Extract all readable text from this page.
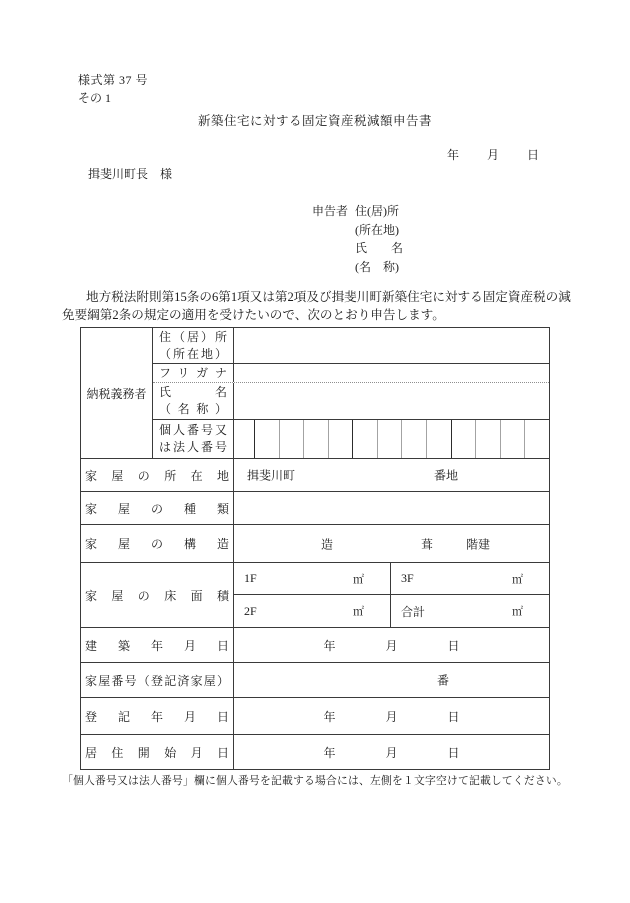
様式第 37 号
その 1
新築住宅に対する固定資産税減額申告書
年 月 日
揖斐川町長　様
申告者 住(居)所
(所在地)
氏　　名
(名　称)
地方税法附則第15条の6第1項又は第2項及び揖斐川町新築住宅に対する固定資産税の減
免要綱第2条の規定の適用を受けたいので、次のとおり申告します。
納税義務者
住（居）所
（所在地）
フリガナ
氏名
（名称）
個人番号又は法人番号
家屋の所在地 揖斐川町	番地
家屋の種類
家屋の構造	造	葺	階建
家屋の床面積
1F	㎡	3F	㎡
2F	㎡	合計	㎡
建築年月日	年	月	日
家屋番号（登記済家屋）	番
登記年月日	年	月	日
居住開始月日	年	月	日
「個人番号又は法人番号」欄に個人番号を記載する場合には、左側を１文字空けて記載してください。
